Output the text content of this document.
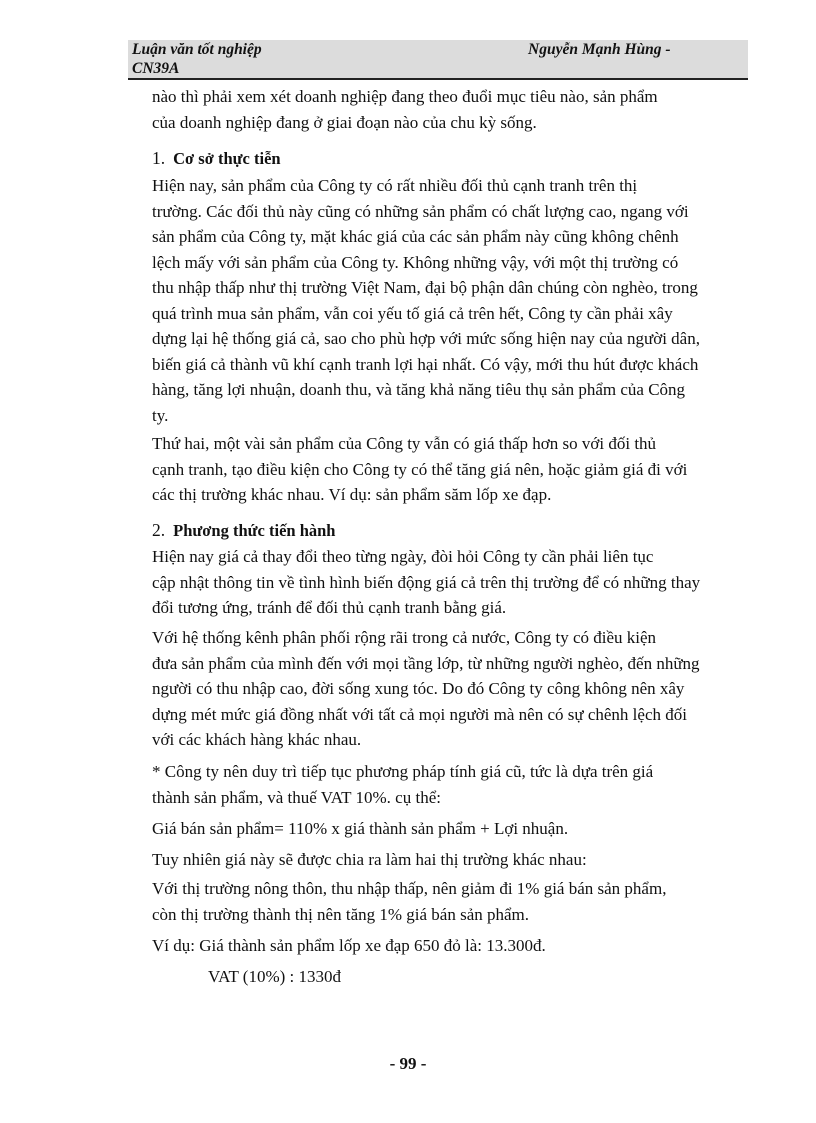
Luận văn tốt nghiệp
CN39A
Nguyễn Mạnh Hùng -
nào thì phải xem xét doanh nghiệp đang theo đuổi mục tiêu nào, sản phẩm
của doanh nghiệp đang ở giai đoạn nào của chu kỳ sống.
1. Cơ sở thực tiễn
Hiện nay, sản phẩm của Công ty có rất nhiều đối thủ cạnh tranh trên thị
trường. Các đối thủ này cũng có những sản phẩm có chất lượng cao, ngang với
sản phẩm của Công ty, mặt khác giá của các sản phẩm này cũng không chênh
lệch mấy với sản phẩm của Công ty. Không những vậy, với một thị trường có
thu nhập thấp như thị trường Việt Nam, đại bộ phận dân chúng còn nghèo, trong
quá trình mua sản phẩm, vẫn coi yếu tố giá cả trên hết, Công ty cần phải xây
dựng lại hệ thống giá cả, sao cho phù hợp với mức sống hiện nay của người dân,
biến giá cả thành vũ khí cạnh tranh lợi hại nhất. Có vậy, mới thu hút được khách
hàng, tăng lợi nhuận, doanh thu, và tăng khả năng tiêu thụ sản phẩm của Công
ty.
Thứ hai, một vài sản phẩm của Công ty vẫn có giá thấp hơn so với đối thủ
cạnh tranh, tạo điều kiện cho Công ty có thể tăng giá nên, hoặc giảm giá đi với
các thị trường khác nhau. Ví dụ: sản phẩm săm lốp xe đạp.
2. Phương thức tiến hành
Hiện nay giá cả thay đổi theo từng ngày, đòi hỏi Công ty cần phải liên tục
cập nhật thông tin về tình hình biến động giá cả trên thị trường để có những thay
đổi tương ứng, tránh để đối thủ cạnh tranh bằng giá.
Với hệ thống kênh phân phối rộng rãi trong cả nước, Công ty có điều kiện
đưa sản phẩm của mình đến với mọi tầng lớp, từ những người nghèo, đến những
người có thu nhập cao, đời sống xung tóc. Do đó Công ty công không nên xây
dựng mét mức giá đồng nhất với tất cả mọi người mà nên có sự chênh lệch đối
với các khách hàng khác nhau.
* Công ty nên duy trì tiếp tục phương pháp tính giá cũ, tức là dựa trên giá
thành sản phẩm, và thuế VAT 10%. cụ thể:
Giá bán sản phẩm= 110% x giá thành sản phẩm + Lợi nhuận.
Tuy nhiên giá này sẽ được chia ra làm hai thị trường khác nhau:
Với thị trường nông thôn, thu nhập thấp, nên giảm đi 1% giá bán sản phẩm,
còn thị trường thành thị nên tăng 1% giá bán sản phẩm.
Ví dụ: Giá thành sản phẩm lốp xe đạp 650 đỏ là: 13.300đ.
VAT (10%) : 1330đ
- 99 -
